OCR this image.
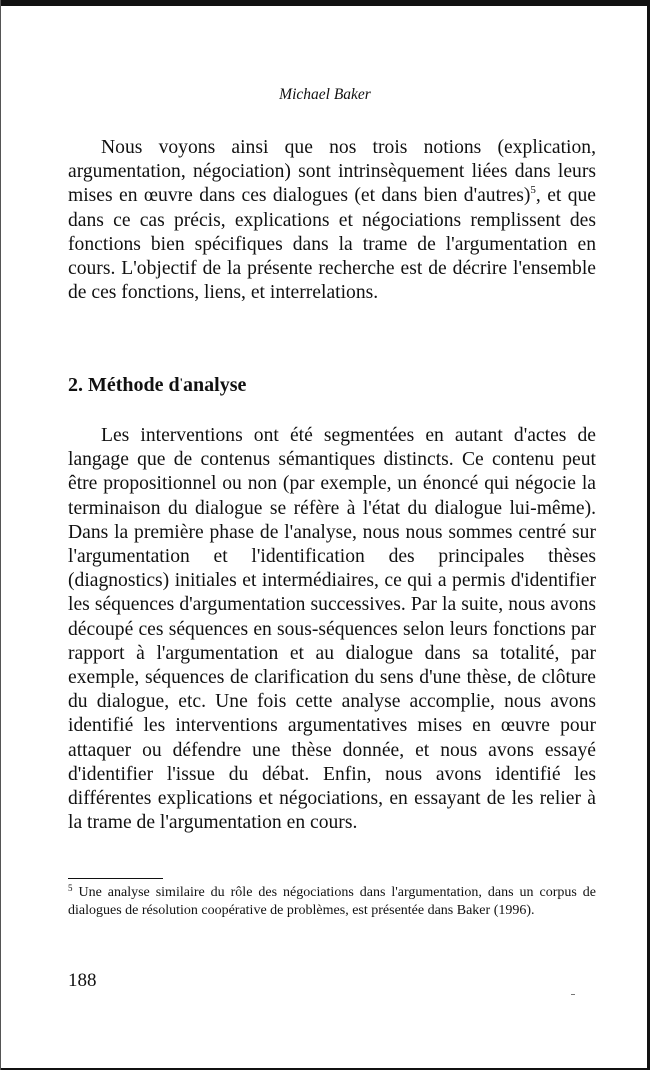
Michael Baker

Nous voyons ainsi que nos trois notions (explication, argumentation, négociation) sont intrinsèquement liées dans leurs mises en œuvre dans ces dialogues (et dans bien d'autres)$^5$, et que dans ce cas précis, explications et négociations remplissent des fonctions bien spécifiques dans la trame de l'argumentation en cours. L'objectif de la présente recherche est de décrire l'ensemble de ces fonctions, liens, et interrelations.

2. Méthode d'analyse

Les interventions ont été segmentées en autant d'actes de langage que de contenus sémantiques distincts. Ce contenu peut être propositionnel ou non (par exemple, un énoncé qui négocie la terminaison du dialogue se réfère à l'état du dialogue lui-même). Dans la première phase de l'analyse, nous nous sommes centré sur l'argumentation et l'identification des principales thèses (diagnostics) initiales et intermédiaires, ce qui a permis d'identifier les séquences d'argumentation successives. Par la suite, nous avons découpé ces séquences en sous-séquences selon leurs fonctions par rapport à l'argumentation et au dialogue dans sa totalité, par exemple, séquences de clarification du sens d'une thèse, de clôture du dialogue, etc. Une fois cette analyse accomplie, nous avons identifié les interventions argumentatives mises en œuvre pour attaquer ou défendre une thèse donnée, et nous avons essayé d'identifier l'issue du débat. Enfin, nous avons identifié les différentes explications et négociations, en essayant de les relier à la trame de l'argumentation en cours.

$^5$ Une analyse similaire du rôle des négociations dans l'argumentation, dans un corpus de dialogues de résolution coopérative de problèmes, est présentée dans Baker (1996).

188
